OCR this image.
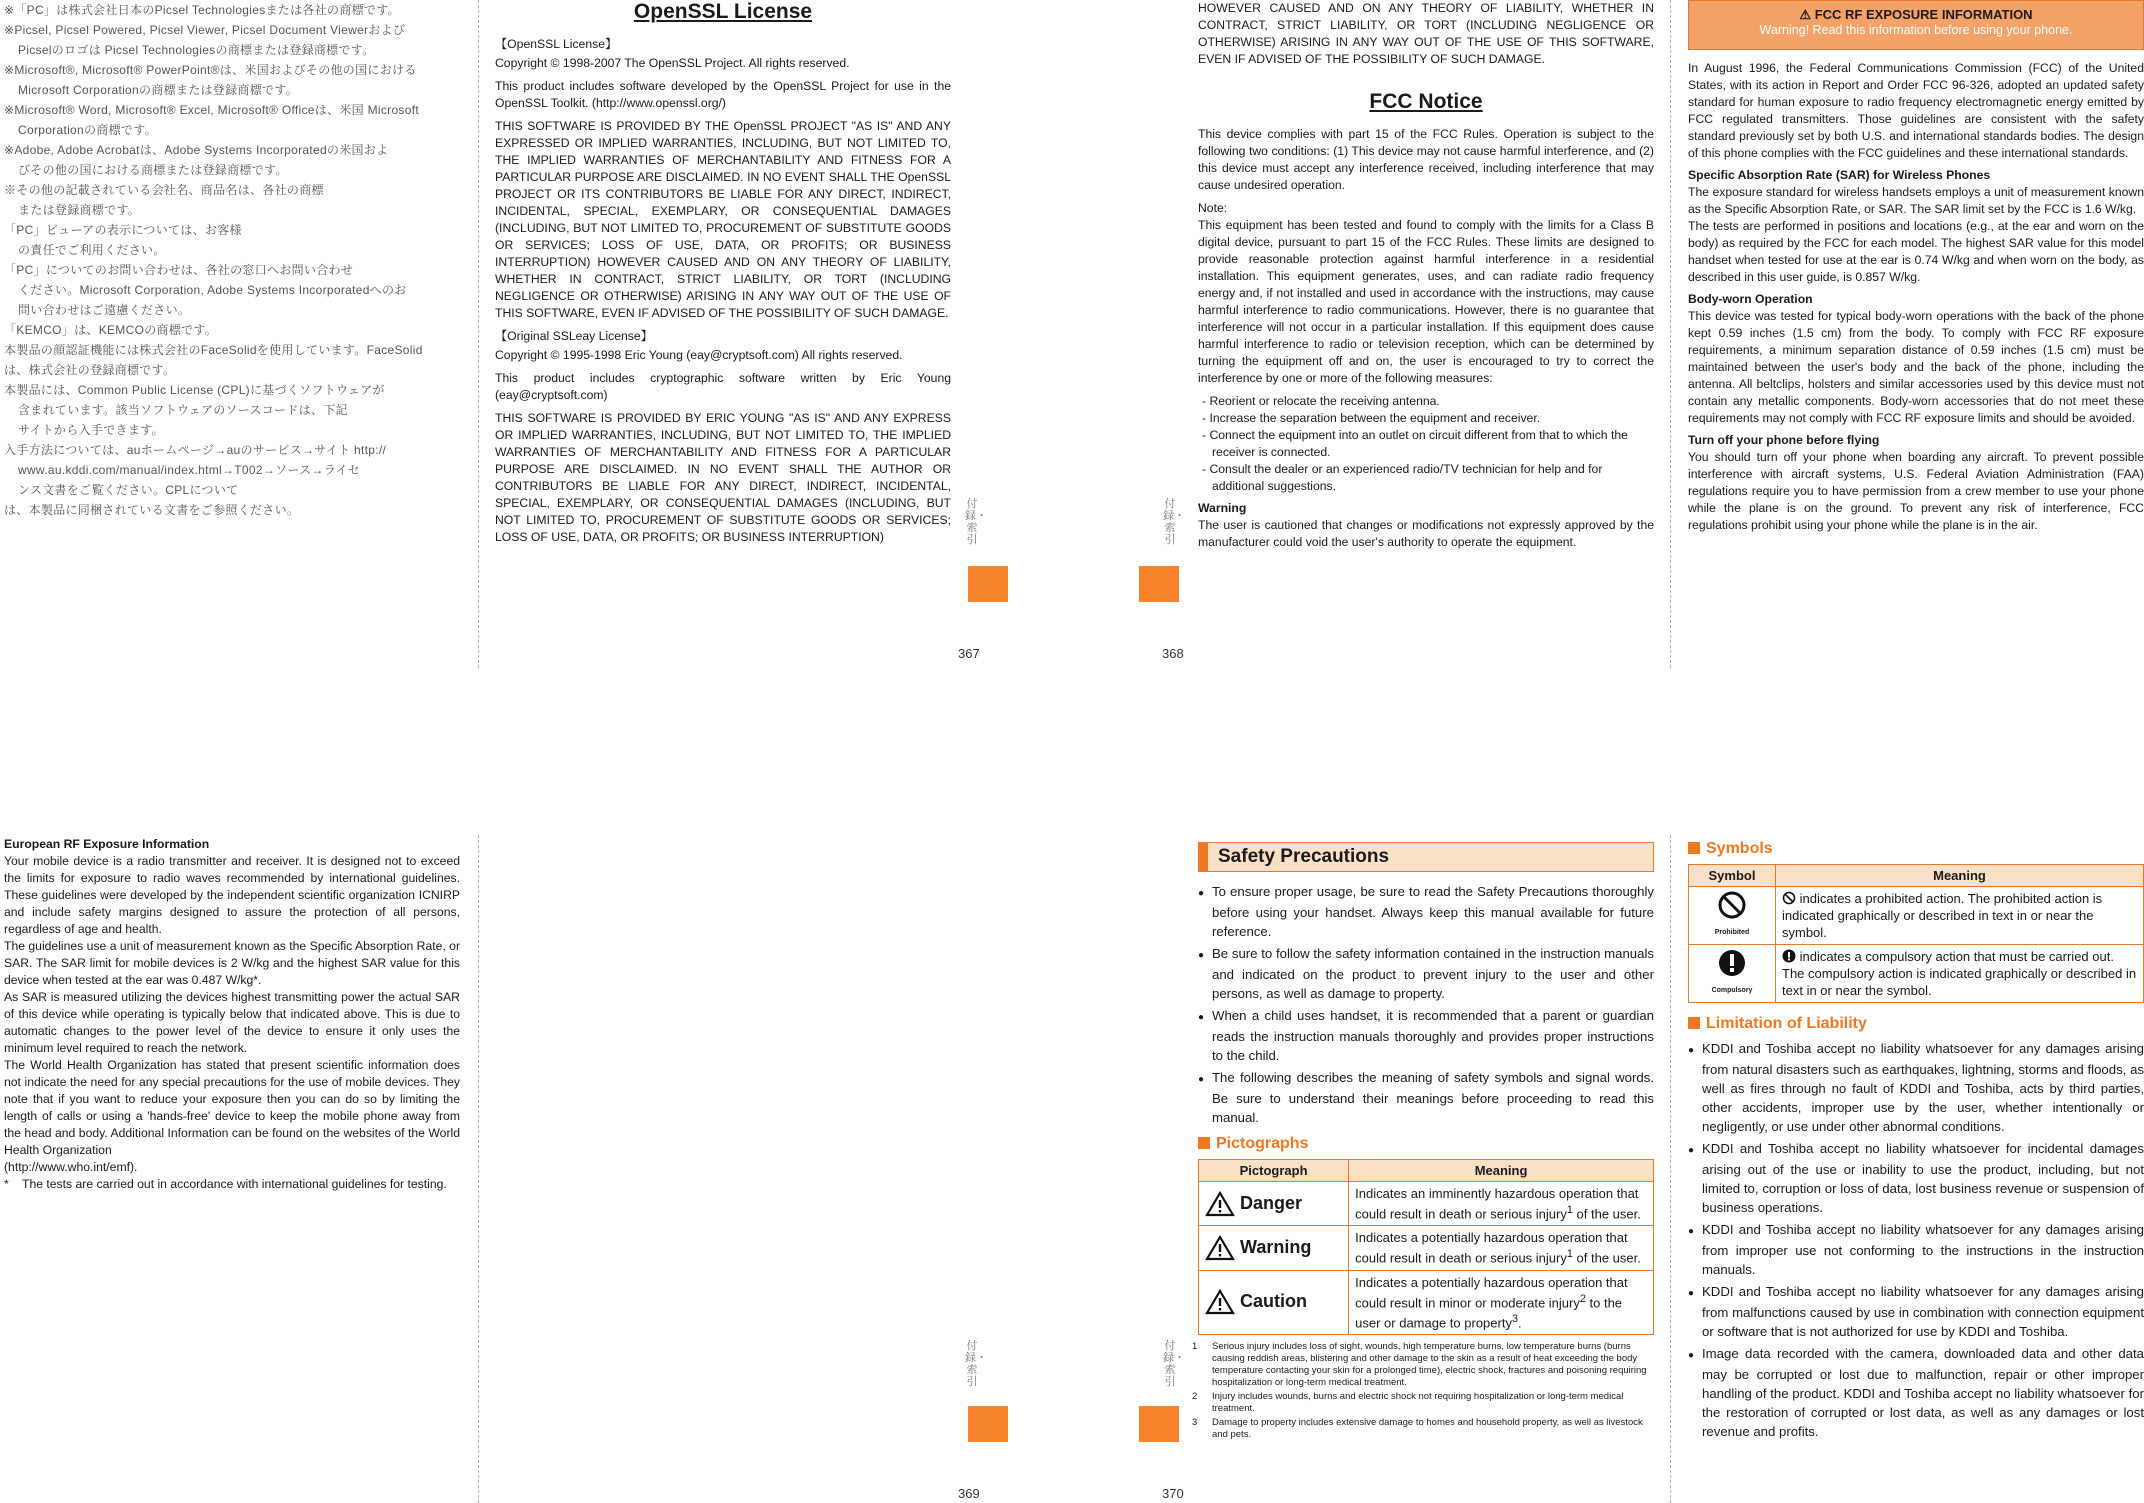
※「PC」は株式会社日本のPicsel Technologiesまたは各社の商標です。

※Picsel, Picsel Powered, Picsel Viewer, Picsel Document Viewerおよび

Picselのロゴは Picsel Technologiesの商標または登録商標です。

※Microsoft®, Microsoft® PowerPoint®は、米国およびその他の国における

Microsoft Corporationの商標または登録商標です。

※Microsoft® Word, Microsoft® Excel, Microsoft® Officeは、米国 Microsoft

Corporationの商標です。

※Adobe, Adobe Acrobatは、Adobe Systems Incorporatedの米国およ

びその他の国における商標または登録商標です。

※その他の記載されている会社名、商品名は、各社の商標

または登録商標です。

「PC」ビューアの表示については、お客様

の責任でご利用ください。

「PC」についてのお問い合わせは、各社の窓口へお問い合わせ

ください。Microsoft Corporation, Adobe Systems Incorporatedへのお

問い合わせはご遠慮ください。

「KEMCO」は、KEMCOの商標です。

本製品の顔認証機能には株式会社のFaceSolidを使用しています。FaceSolid

は、株式会社の登録商標です。

本製品には、Common Public License (CPL)に基づくソフトウェアが

含まれています。該当ソフトウェアのソースコードは、下記

サイトから入手できます。

入手方法については、auホームページ→auのサービス→サイト http://

www.au.kddi.com/manual/index.html→T002→ソース→ライセ

ンス文書をご覧ください。CPLについて

は、本製品に同梱されている文書をご参照ください。

OpenSSL License

【OpenSSL License】

Copyright © 1998-2007 The OpenSSL Project. All rights reserved.

This product includes software developed by the OpenSSL Project for use in the OpenSSL Toolkit. (http://www.openssl.org/)

THIS SOFTWARE IS PROVIDED BY THE OpenSSL PROJECT "AS IS" AND ANY EXPRESSED OR IMPLIED WARRANTIES, INCLUDING, BUT NOT LIMITED TO, THE IMPLIED WARRANTIES OF MERCHANTABILITY AND FITNESS FOR A PARTICULAR PURPOSE ARE DISCLAIMED. IN NO EVENT SHALL THE OpenSSL PROJECT OR ITS CONTRIBUTORS BE LIABLE FOR ANY DIRECT, INDIRECT, INCIDENTAL, SPECIAL, EXEMPLARY, OR CONSEQUENTIAL DAMAGES (INCLUDING, BUT NOT LIMITED TO, PROCUREMENT OF SUBSTITUTE GOODS OR SERVICES; LOSS OF USE, DATA, OR PROFITS; OR BUSINESS INTERRUPTION) HOWEVER CAUSED AND ON ANY THEORY OF LIABILITY, WHETHER IN CONTRACT, STRICT LIABILITY, OR TORT (INCLUDING NEGLIGENCE OR OTHERWISE) ARISING IN ANY WAY OUT OF THE USE OF THIS SOFTWARE, EVEN IF ADVISED OF THE POSSIBILITY OF SUCH DAMAGE.

【Original SSLeay License】

Copyright © 1995-1998 Eric Young (eay@cryptsoft.com) All rights reserved.

This product includes cryptographic software written by Eric Young (eay@cryptsoft.com)

THIS SOFTWARE IS PROVIDED BY ERIC YOUNG "AS IS" AND ANY EXPRESS OR IMPLIED WARRANTIES, INCLUDING, BUT NOT LIMITED TO, THE IMPLIED WARRANTIES OF MERCHANTABILITY AND FITNESS FOR A PARTICULAR PURPOSE ARE DISCLAIMED. IN NO EVENT SHALL THE AUTHOR OR CONTRIBUTORS BE LIABLE FOR ANY DIRECT, INDIRECT, INCIDENTAL, SPECIAL, EXEMPLARY, OR CONSEQUENTIAL DAMAGES (INCLUDING, BUT NOT LIMITED TO, PROCUREMENT OF SUBSTITUTE GOODS OR SERVICES; LOSS OF USE, DATA, OR PROFITS; OR BUSINESS INTERRUPTION)

HOWEVER CAUSED AND ON ANY THEORY OF LIABILITY, WHETHER IN CONTRACT, STRICT LIABILITY, OR TORT (INCLUDING NEGLIGENCE OR OTHERWISE) ARISING IN ANY WAY OUT OF THE USE OF THIS SOFTWARE, EVEN IF ADVISED OF THE POSSIBILITY OF SUCH DAMAGE.

FCC Notice

This device complies with part 15 of the FCC Rules. Operation is subject to the following two conditions: (1) This device may not cause harmful interference, and (2) this device must accept any interference received, including interference that may cause undesired operation.

Note:

This equipment has been tested and found to comply with the limits for a Class B digital device, pursuant to part 15 of the FCC Rules. These limits are designed to provide reasonable protection against harmful interference in a residential installation. This equipment generates, uses, and can radiate radio frequency energy and, if not installed and used in accordance with the instructions, may cause harmful interference to radio communications. However, there is no guarantee that interference will not occur in a particular installation. If this equipment does cause harmful interference to radio or television reception, which can be determined by turning the equipment off and on, the user is encouraged to try to correct the interference by one or more of the following measures:

- Reorient or relocate the receiving antenna.

- Increase the separation between the equipment and receiver.

- Connect the equipment into an outlet on circuit different from that to which the receiver is connected.

- Consult the dealer or an experienced radio/TV technician for help and for additional suggestions.

Warning

The user is cautioned that changes or modifications not expressly approved by the manufacturer could void the user's authority to operate the equipment.

⚠ FCC RF EXPOSURE INFORMATION
Warning! Read this information before using your phone.

In August 1996, the Federal Communications Commission (FCC) of the United States, with its action in Report and Order FCC 96-326, adopted an updated safety standard for human exposure to radio frequency electromagnetic energy emitted by FCC regulated transmitters. Those guidelines are consistent with the safety standard previously set by both U.S. and international standards bodies. The design of this phone complies with the FCC guidelines and these international standards.

Specific Absorption Rate (SAR) for Wireless Phones

The exposure standard for wireless handsets employs a unit of measurement known as the Specific Absorption Rate, or SAR. The SAR limit set by the FCC is 1.6 W/kg.

The tests are performed in positions and locations (e.g., at the ear and worn on the body) as required by the FCC for each model. The highest SAR value for this model handset when tested for use at the ear is 0.74 W/kg and when worn on the body, as described in this user guide, is 0.857 W/kg.

Body-worn Operation

This device was tested for typical body-worn operations with the back of the phone kept 0.59 inches (1.5 cm) from the body. To comply with FCC RF exposure requirements, a minimum separation distance of 0.59 inches (1.5 cm) must be maintained between the user's body and the back of the phone, including the antenna. All beltclips, holsters and similar accessories used by this device must not contain any metallic components. Body-worn accessories that do not meet these requirements may not comply with FCC RF exposure limits and should be avoided.

Turn off your phone before flying

You should turn off your phone when boarding any aircraft. To prevent possible interference with aircraft systems, U.S. Federal Aviation Administration (FAA) regulations require you to have permission from a crew member to use your phone while the plane is on the ground. To prevent any risk of interference, FCC regulations prohibit using your phone while the plane is in the air.

European RF Exposure Information

Your mobile device is a radio transmitter and receiver. It is designed not to exceed the limits for exposure to radio waves recommended by international guidelines. These guidelines were developed by the independent scientific organization ICNIRP and include safety margins designed to assure the protection of all persons, regardless of age and health.

The guidelines use a unit of measurement known as the Specific Absorption Rate, or SAR. The SAR limit for mobile devices is 2 W/kg and the highest SAR value for this device when tested at the ear was 0.487 W/kg*.

As SAR is measured utilizing the devices highest transmitting power the actual SAR of this device while operating is typically below that indicated above. This is due to automatic changes to the power level of the device to ensure it only uses the minimum level required to reach the network.

The World Health Organization has stated that present scientific information does not indicate the need for any special precautions for the use of mobile devices. They note that if you want to reduce your exposure then you can do so by limiting the length of calls or using a 'hands-free' device to keep the mobile phone away from the head and body. Additional Information can be found on the websites of the World Health Organization

(http://www.who.int/emf).

* The tests are carried out in accordance with international guidelines for testing.

Safety Precautions

● To ensure proper usage, be sure to read the Safety Precautions thoroughly before using your handset. Always keep this manual available for future reference.

● Be sure to follow the safety information contained in the instruction manuals and indicated on the product to prevent injury to the user and other persons, as well as damage to property.

● When a child uses handset, it is recommended that a parent or guardian reads the instruction manuals thoroughly and provides proper instructions to the child.

● The following describes the meaning of safety symbols and signal words. Be sure to understand their meanings before proceeding to read this manual.

Pictographs
Pictograph	Meaning
Danger	Indicates an imminently hazardous operation that could result in death or serious injury$^1$ of the user.
Warning	Indicates a potentially hazardous operation that could result in death or serious injury$^1$ of the user.
Caution	Indicates a potentially hazardous operation that could result in minor or moderate injury$^2$ to the user or damage to property$^3$.

1 Serious injury includes loss of sight, wounds, high temperature burns, low temperature burns (burns causing reddish areas, blistering and other damage to the skin as a result of heat exceeding the body temperature contacting your skin for a prolonged time), electric shock, fractures and poisoning requiring hospitalization or long-term medical treatment.

2 Injury includes wounds, burns and electric shock not requiring hospitalization or long-term medical treatment.

3 Damage to property includes extensive damage to homes and household property, as well as livestock and pets.

Symbols
Symbol	Meaning

Prohibited	indicates a prohibited action. The prohibited action is indicated graphically or described in text in or near the symbol.

Compulsory	indicates a compulsory action that must be carried out. The compulsory action is indicated graphically or described in text in or near the symbol.
Limitation of Liability

● KDDI and Toshiba accept no liability whatsoever for any damages arising from natural disasters such as earthquakes, lightning, storms and floods, as well as fires through no fault of KDDI and Toshiba, acts by third parties, other accidents, improper use by the user, whether intentionally or negligently, or use under other abnormal conditions.

● KDDI and Toshiba accept no liability whatsoever for incidental damages arising out of the use or inability to use the product, including, but not limited to, corruption or loss of data, lost business revenue or suspension of business operations.

● KDDI and Toshiba accept no liability whatsoever for any damages arising from improper use not conforming to the instructions in the instruction manuals.

● KDDI and Toshiba accept no liability whatsoever for any damages arising from malfunctions caused by use in combination with connection equipment or software that is not authorized for use by KDDI and Toshiba.

● Image data recorded with the camera, downloaded data and other data may be corrupted or lost due to malfunction, repair or other improper handling of the product. KDDI and Toshiba accept no liability whatsoever for the restoration of corrupted or lost data, as well as any damages or lost revenue and profits.

付録・索引
付録・索引
367	368
付録・索引
付録・索引
369	370
